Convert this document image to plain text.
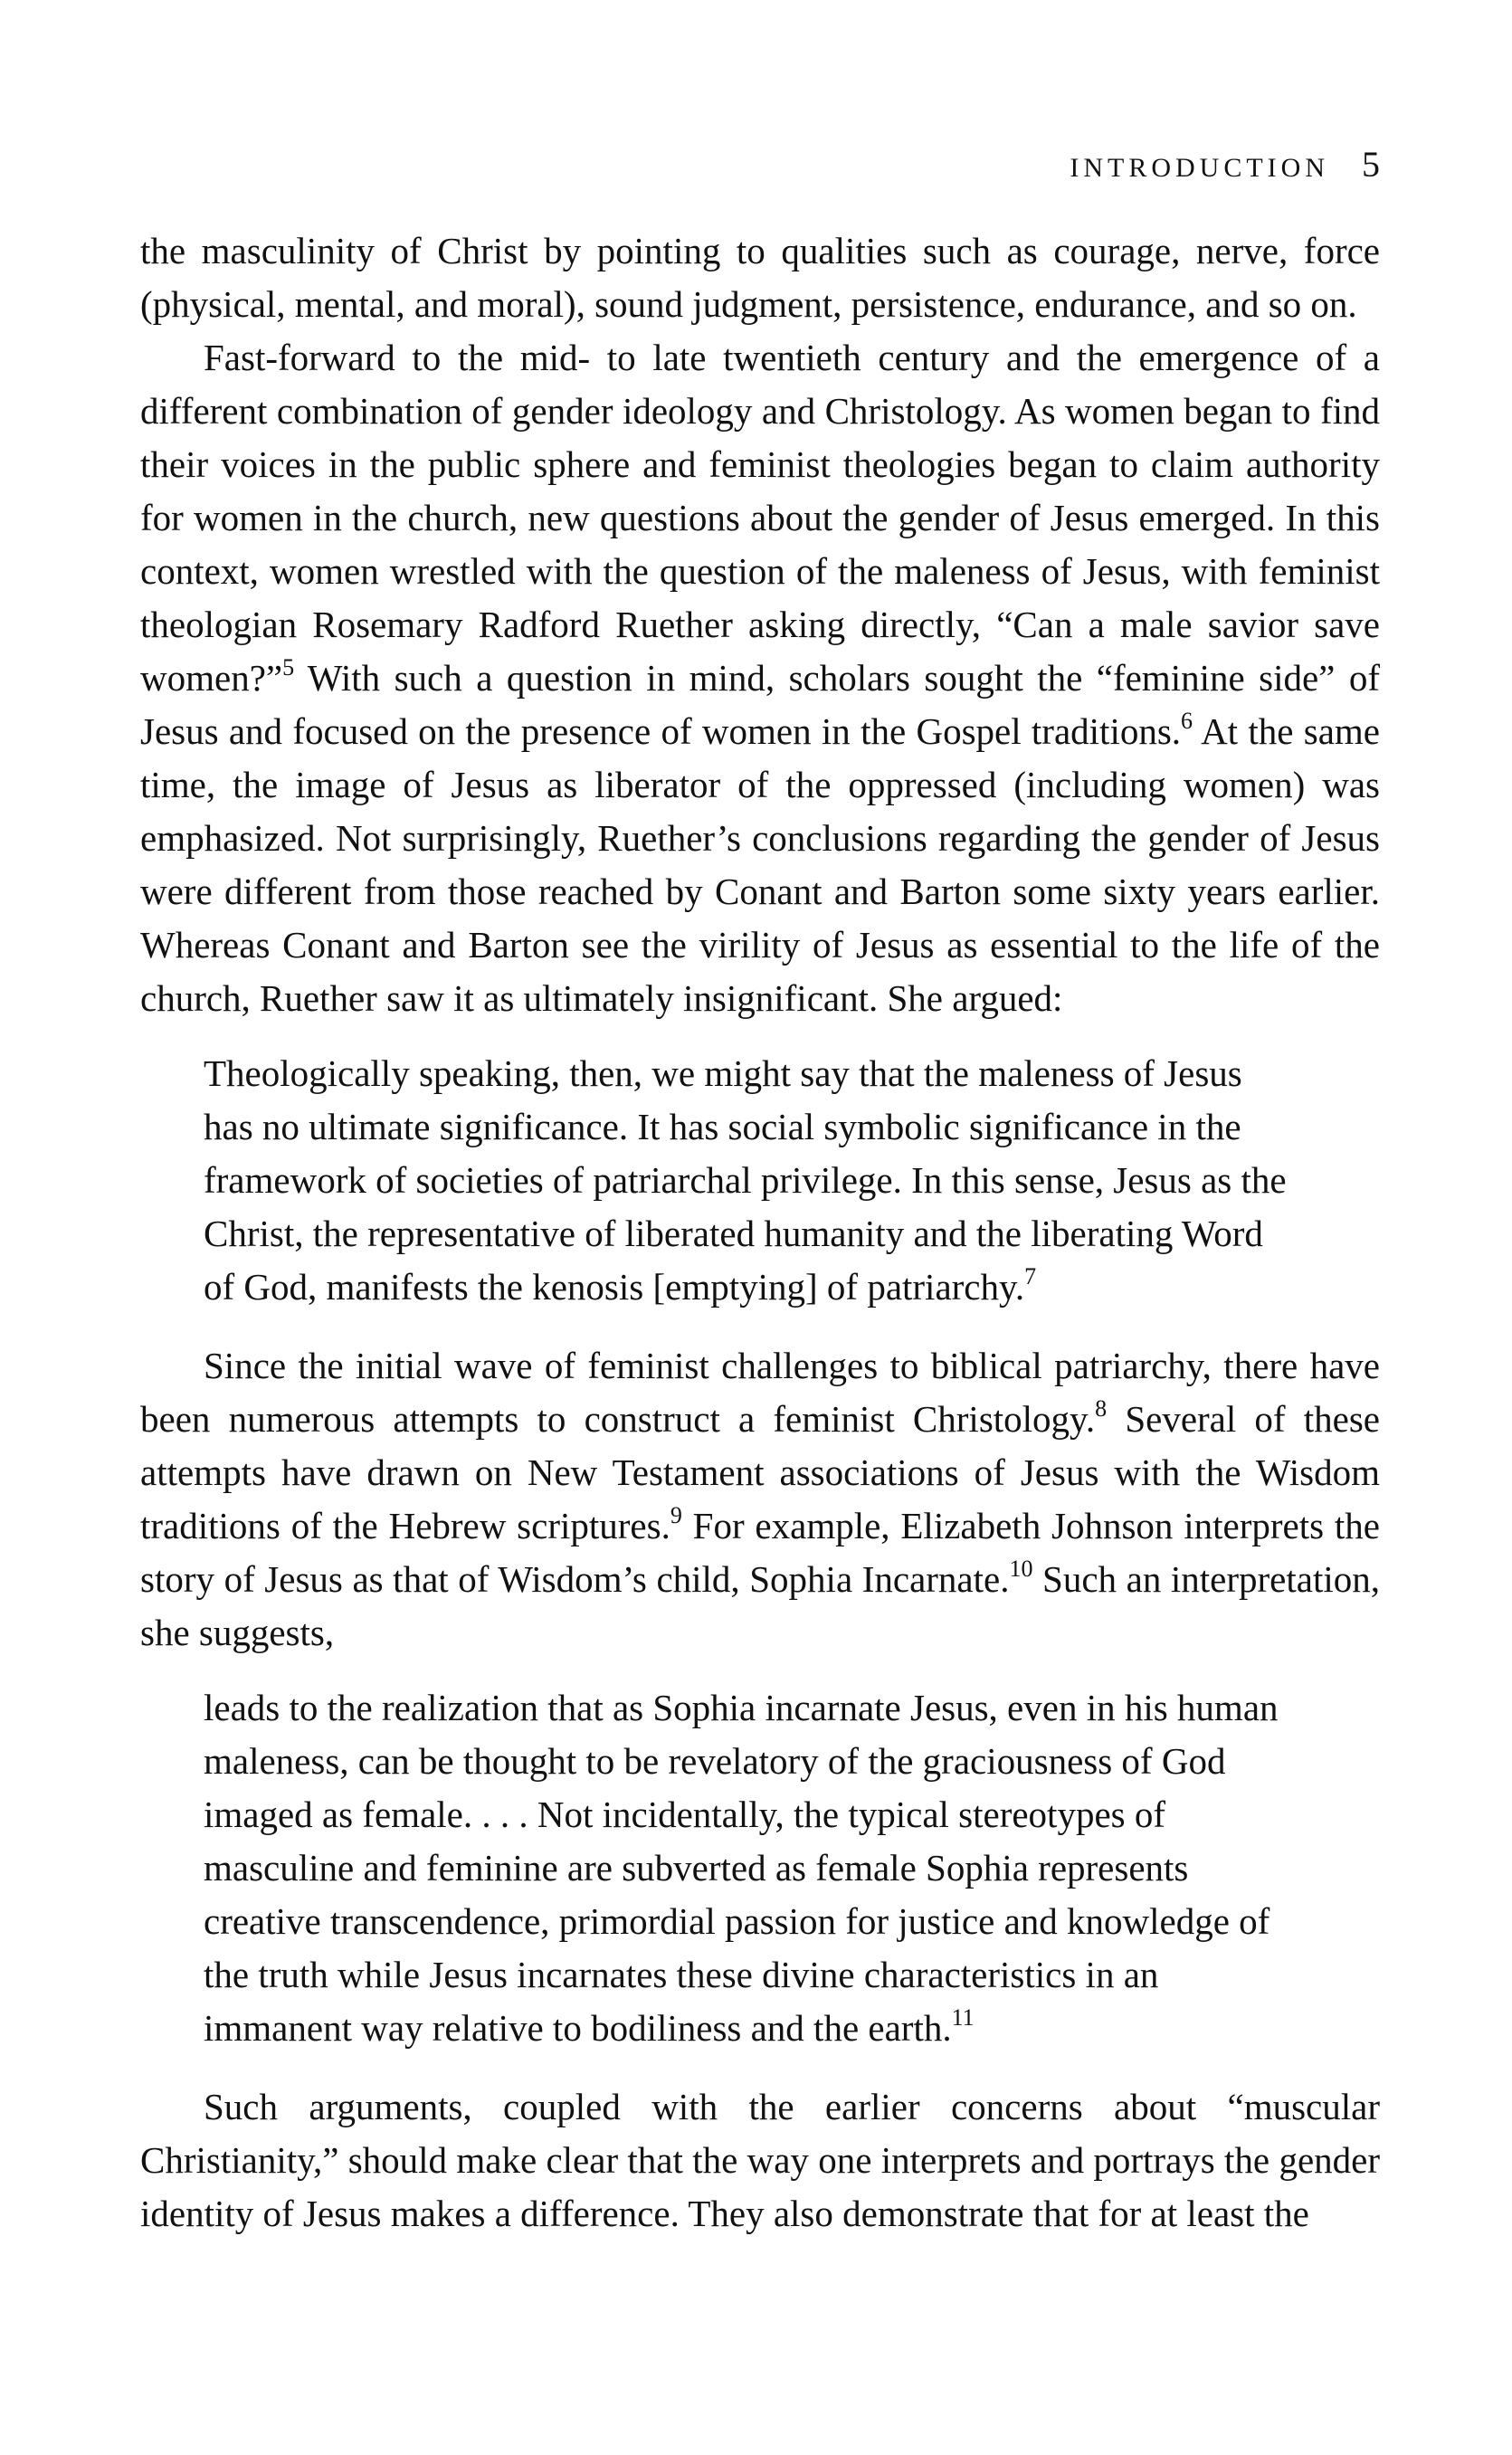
INTRODUCTION 5

the masculinity of Christ by pointing to qualities such as courage, nerve, force (physical, mental, and moral), sound judgment, persistence, endurance, and so on.

Fast-forward to the mid- to late twentieth century and the emergence of a different combination of gender ideology and Christology. As women began to find their voices in the public sphere and feminist theologies began to claim authority for women in the church, new questions about the gender of Jesus emerged. In this context, women wrestled with the question of the maleness of Jesus, with feminist theologian Rosemary Radford Ruether asking directly, “Can a male savior save women?”$^5$ With such a question in mind, scholars sought the “feminine side” of Jesus and focused on the presence of women in the Gospel traditions.$^6$ At the same time, the image of Jesus as liberator of the oppressed (including women) was emphasized. Not surprisingly, Ruether’s conclusions regarding the gender of Jesus were different from those reached by Conant and Barton some sixty years earlier. Whereas Conant and Barton see the virility of Jesus as essential to the life of the church, Ruether saw it as ultimately insignificant. She argued:

Theologically speaking, then, we might say that the maleness of Jesus has no ultimate significance. It has social symbolic significance in the framework of societies of patriarchal privilege. In this sense, Jesus as the Christ, the representative of liberated humanity and the liberating Word of God, manifests the kenosis [emptying] of patriarchy.$^7$

Since the initial wave of feminist challenges to biblical patriarchy, there have been numerous attempts to construct a feminist Christology.$^8$ Several of these attempts have drawn on New Testament associations of Jesus with the Wisdom traditions of the Hebrew scriptures.$^9$ For example, Elizabeth Johnson interprets the story of Jesus as that of Wisdom’s child, Sophia Incarnate.$^{10}$ Such an interpretation, she suggests,

leads to the realization that as Sophia incarnate Jesus, even in his human maleness, can be thought to be revelatory of the graciousness of God imaged as female. . . . Not incidentally, the typical stereotypes of masculine and feminine are subverted as female Sophia represents creative transcendence, primordial passion for justice and knowledge of the truth while Jesus incarnates these divine characteristics in an immanent way relative to bodiliness and the earth.$^{11}$

Such arguments, coupled with the earlier concerns about “muscular Christianity,” should make clear that the way one interprets and portrays the gender identity of Jesus makes a difference. They also demonstrate that for at least the
